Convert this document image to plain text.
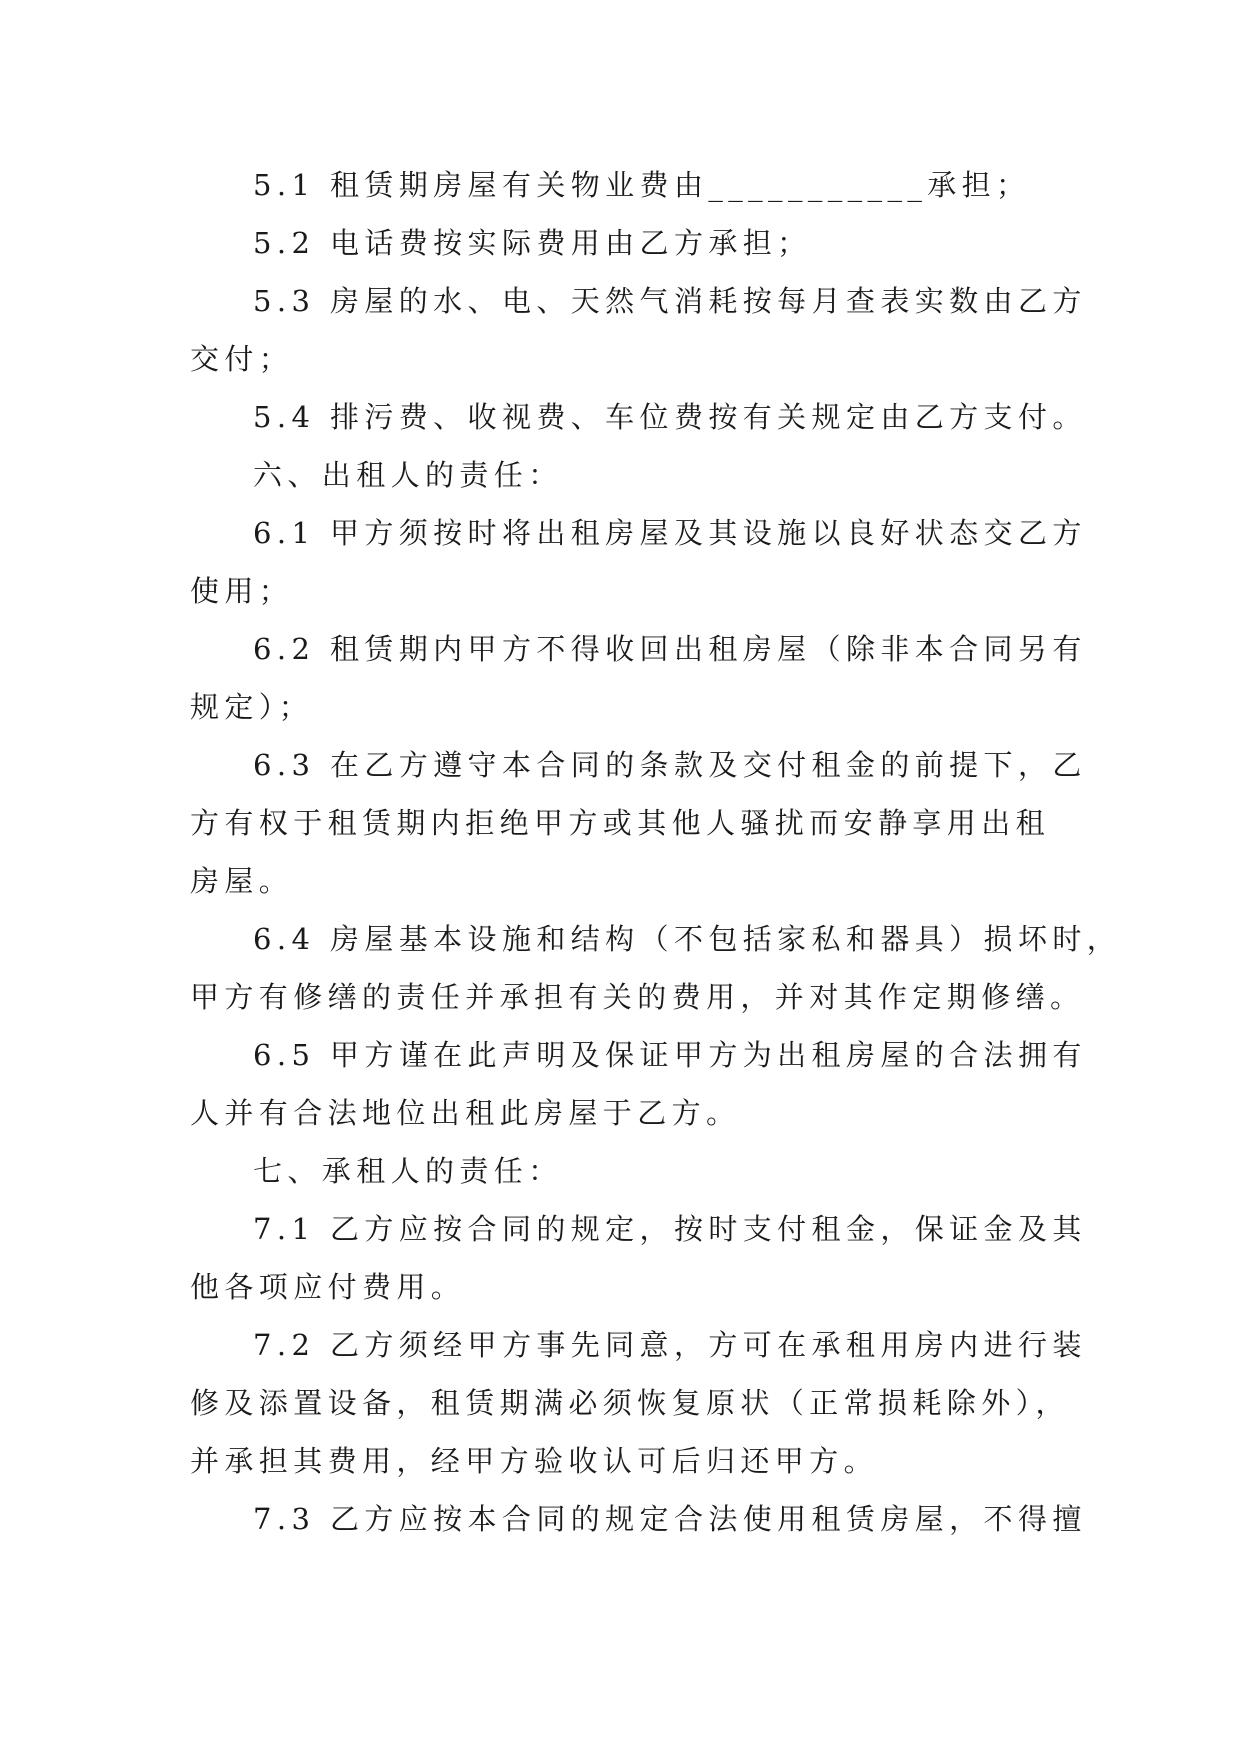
5.1 租赁期房屋有关物业费由___________承担；
5.2 电话费按实际费用由乙方承担；
5.3 房屋的水、电、天然气消耗按每月查表实数由乙方
交付；
5.4 排污费、收视费、车位费按有关规定由乙方支付。
六、出租人的责任：
6.1 甲方须按时将出租房屋及其设施以良好状态交乙方
使用；
6.2 租赁期内甲方不得收回出租房屋（除非本合同另有
规定）；
6.3 在乙方遵守本合同的条款及交付租金的前提下，乙
方有权于租赁期内拒绝甲方或其他人骚扰而安静享用出租
房屋。
6.4 房屋基本设施和结构（不包括家私和器具）损坏时，
甲方有修缮的责任并承担有关的费用，并对其作定期修缮。
6.5 甲方谨在此声明及保证甲方为出租房屋的合法拥有
人并有合法地位出租此房屋于乙方。
七、承租人的责任：
7.1 乙方应按合同的规定，按时支付租金，保证金及其
他各项应付费用。
7.2 乙方须经甲方事先同意，方可在承租用房内进行装
修及添置设备，租赁期满必须恢复原状（正常损耗除外），
并承担其费用，经甲方验收认可后归还甲方。
7.3 乙方应按本合同的规定合法使用租赁房屋，不得擅
